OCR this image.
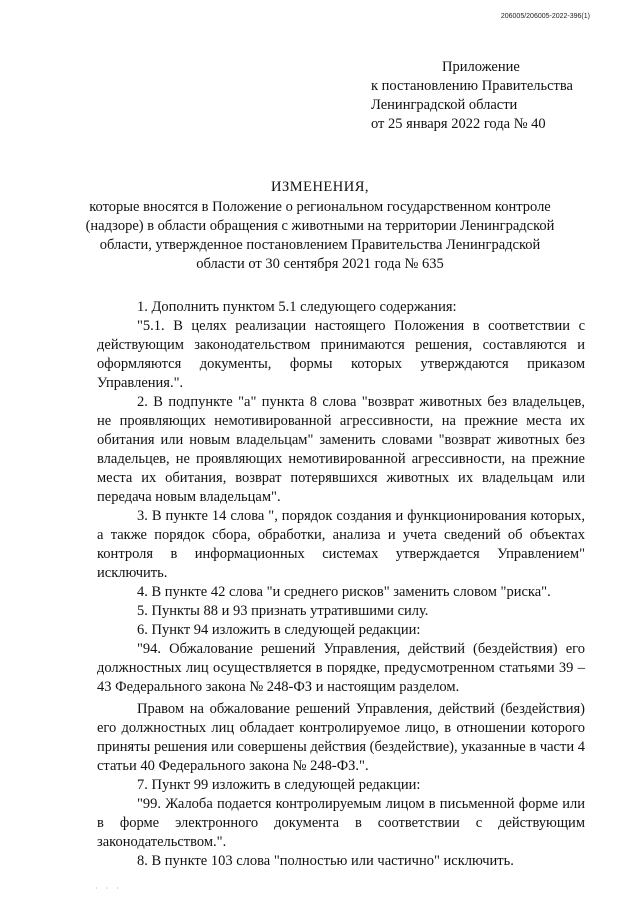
206005/206005-2022-396(1)
Приложение
к постановлению Правительства
Ленинградской области
от 25 января 2022 года № 40
ИЗМЕНЕНИЯ,
которые вносятся в Положение о региональном государственном контроле (надзоре) в области обращения с животными на территории Ленинградской области, утвержденное постановлением Правительства Ленинградской области от 30 сентября 2021 года № 635

1. Дополнить пунктом 5.1 следующего содержания:

"5.1. В целях реализации настоящего Положения в соответствии с действующим законодательством принимаются решения, составляются и оформляются документы, формы которых утверждаются приказом Управления.".

2. В подпункте "а" пункта 8 слова "возврат животных без владельцев, не проявляющих немотивированной агрессивности, на прежние места их обитания или новым владельцам" заменить словами "возврат животных без владельцев, не проявляющих немотивированной агрессивности, на прежние места их обитания, возврат потерявшихся животных их владельцам или передача новым владельцам".

3. В пункте 14 слова ", порядок создания и функционирования которых, а также порядок сбора, обработки, анализа и учета сведений об объектах контроля в информационных системах утверждается Управлением" исключить.

4. В пункте 42 слова "и среднего рисков" заменить словом "риска".

5. Пункты 88 и 93 признать утратившими силу.

6. Пункт 94 изложить в следующей редакции:

"94. Обжалование решений Управления, действий (бездействия) его должностных лиц осуществляется в порядке, предусмотренном статьями 39 – 43 Федерального закона № 248-ФЗ и настоящим разделом.

Правом на обжалование решений Управления, действий (бездействия) его должностных лиц обладает контролируемое лицо, в отношении которого приняты решения или совершены действия (бездействие), указанные в части 4 статьи 40 Федерального закона № 248-ФЗ.".

7. Пункт 99 изложить в следующей редакции:

"99. Жалоба подается контролируемым лицом в письменной форме или в форме электронного документа в соответствии с действующим законодательством.".

8. В пункте 103 слова "полностью или частично" исключить.

· · ·
